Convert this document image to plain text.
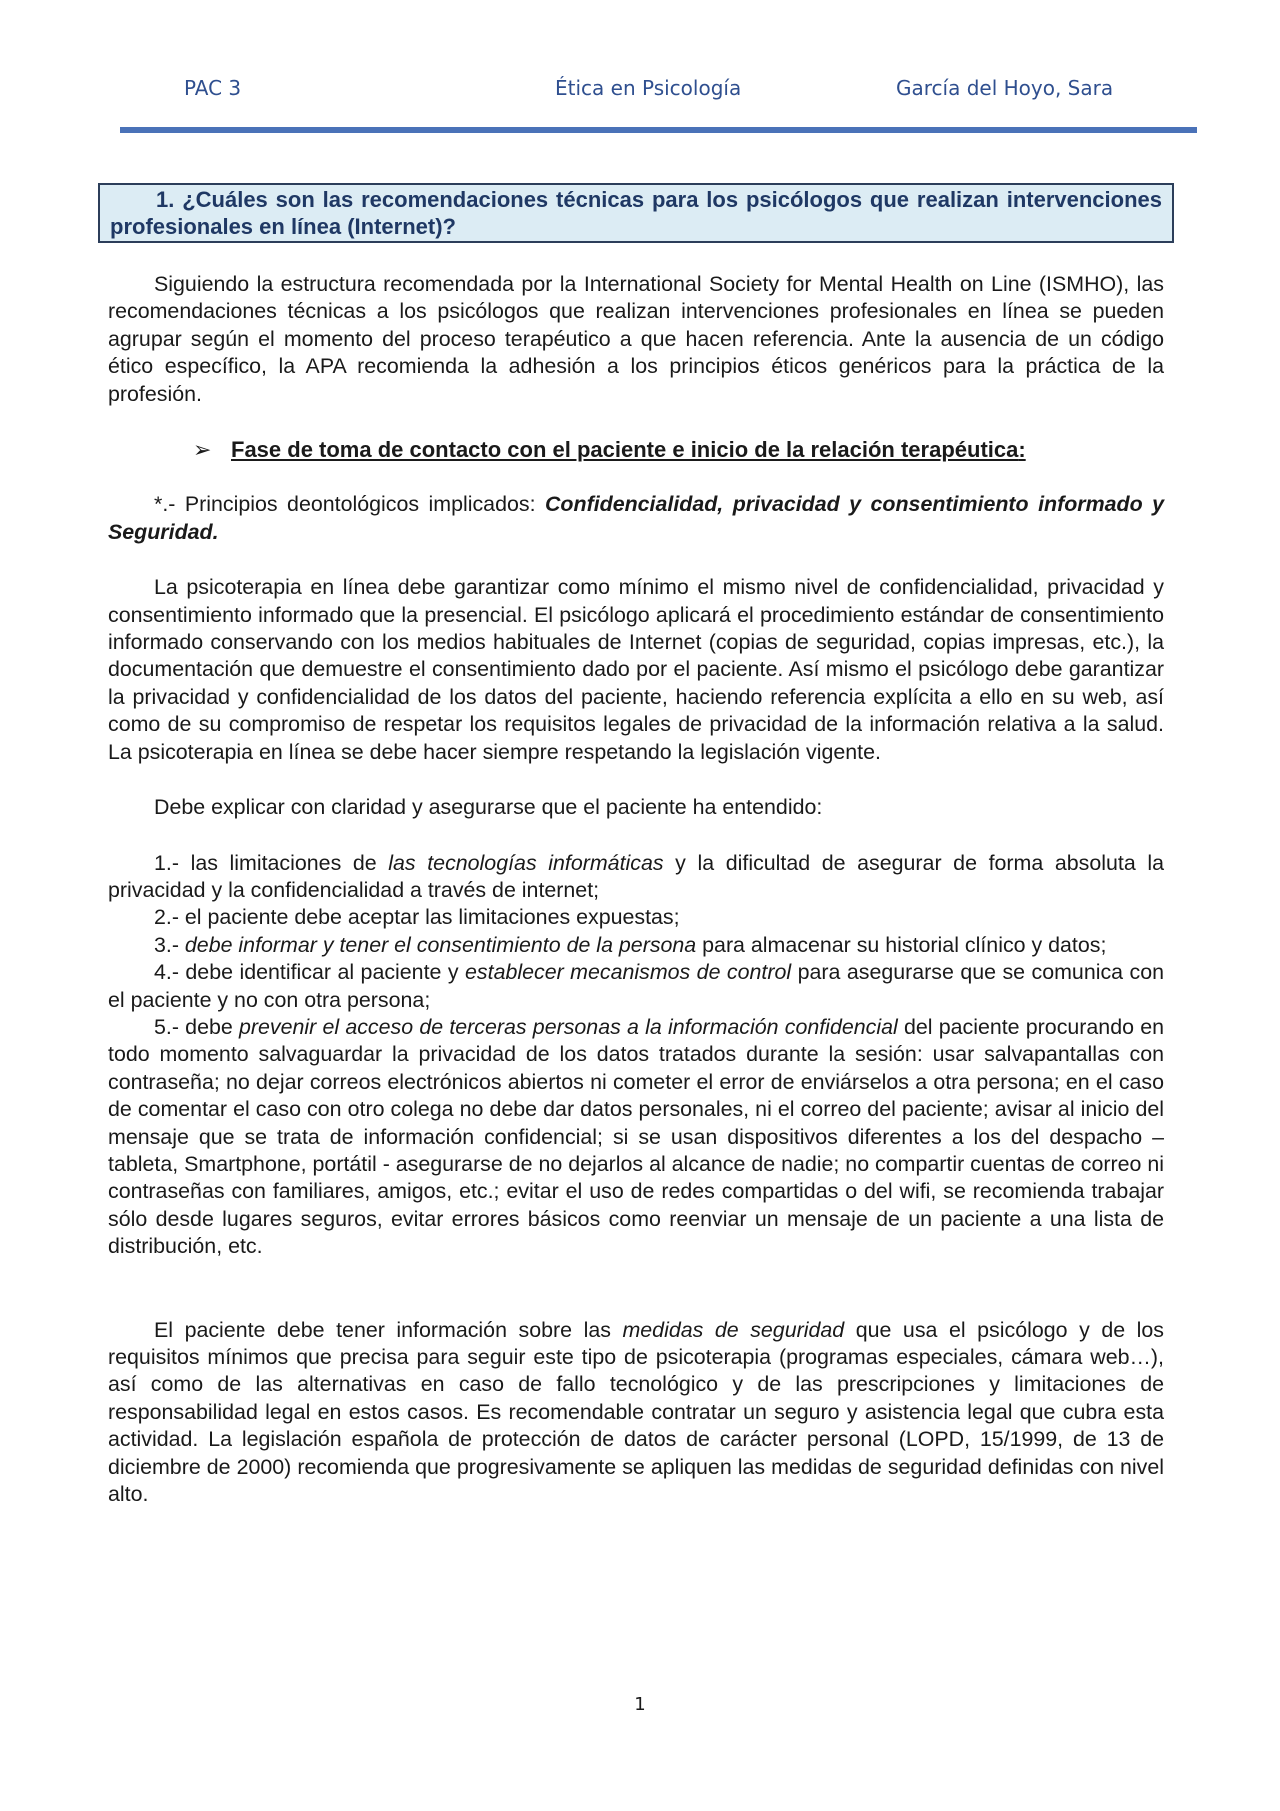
PAC 3	Ética en Psicología	García del Hoyo, Sara
1. ¿Cuáles son las recomendaciones técnicas para los psicólogos que realizan intervenciones profesionales en línea (Internet)?

Siguiendo la estructura recomendada por la International Society for Mental Health on Line (ISMHO), las recomendaciones técnicas a los psicólogos que realizan intervenciones profesionales en línea se pueden agrupar según el momento del proceso terapéutico a que hacen referencia. Ante la ausencia de un código ético específico, la APA recomienda la adhesión a los principios éticos genéricos para la práctica de la profesión.

➢ Fase de toma de contacto con el paciente e inicio de la relación terapéutica:

*.- Principios deontológicos implicados: Confidencialidad, privacidad y consentimiento informado y Seguridad.

La psicoterapia en línea debe garantizar como mínimo el mismo nivel de confidencialidad, privacidad y consentimiento informado que la presencial. El psicólogo aplicará el procedimiento estándar de consentimiento informado conservando con los medios habituales de Internet (copias de seguridad, copias impresas, etc.), la documentación que demuestre el consentimiento dado por el paciente. Así mismo el psicólogo debe garantizar la privacidad y confidencialidad de los datos del paciente, haciendo referencia explícita a ello en su web, así como de su compromiso de respetar los requisitos legales de privacidad de la información relativa a la salud. La psicoterapia en línea se debe hacer siempre respetando la legislación vigente.

Debe explicar con claridad y asegurarse que el paciente ha entendido:

1.- las limitaciones de las tecnologías informáticas y la dificultad de asegurar de forma absoluta la privacidad y la confidencialidad a través de internet;

2.- el paciente debe aceptar las limitaciones expuestas;

3.- debe informar y tener el consentimiento de la persona para almacenar su historial clínico y datos;

4.- debe identificar al paciente y establecer mecanismos de control para asegurarse que se comunica con el paciente y no con otra persona;

5.- debe prevenir el acceso de terceras personas a la información confidencial del paciente procurando en todo momento salvaguardar la privacidad de los datos tratados durante la sesión: usar salvapantallas con contraseña; no dejar correos electrónicos abiertos ni cometer el error de enviárselos a otra persona; en el caso de comentar el caso con otro colega no debe dar datos personales, ni el correo del paciente; avisar al inicio del mensaje que se trata de información confidencial; si se usan dispositivos diferentes a los del despacho – tableta, Smartphone, portátil - asegurarse de no dejarlos al alcance de nadie; no compartir cuentas de correo ni contraseñas con familiares, amigos, etc.; evitar el uso de redes compartidas o del wifi, se recomienda trabajar sólo desde lugares seguros, evitar errores básicos como reenviar un mensaje de un paciente a una lista de distribución, etc.

El paciente debe tener información sobre las medidas de seguridad que usa el psicólogo y de los requisitos mínimos que precisa para seguir este tipo de psicoterapia (programas especiales, cámara web…), así como de las alternativas en caso de fallo tecnológico y de las prescripciones y limitaciones de responsabilidad legal en estos casos. Es recomendable contratar un seguro y asistencia legal que cubra esta actividad. La legislación española de protección de datos de carácter personal (LOPD, 15/1999, de 13 de diciembre de 2000) recomienda que progresivamente se apliquen las medidas de seguridad definidas con nivel alto.

1
